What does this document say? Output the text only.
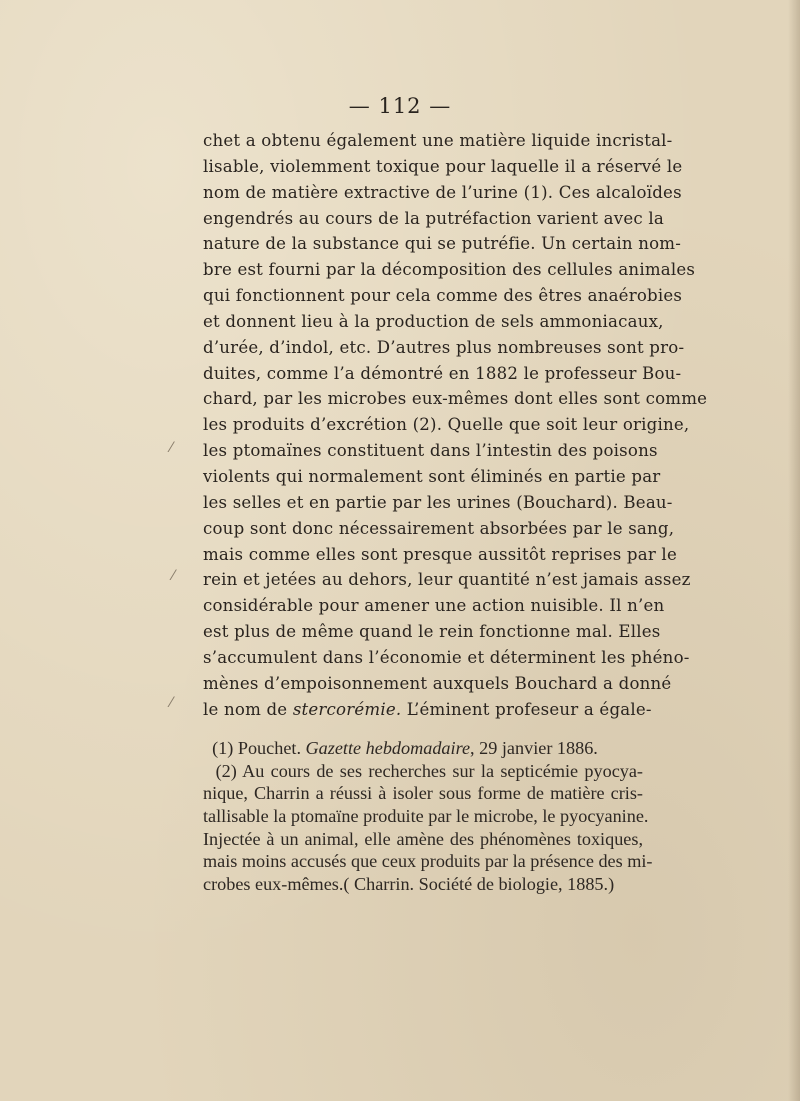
— 112 —
chet a obtenu également une matière liquide incristal-
lisable, violemment toxique pour laquelle il a réservé le
nom de matière extractive de l’urine (1). Ces alcaloïdes
engendrés au cours de la putréfaction varient avec la
nature de la substance qui se putréfie. Un certain nom-
bre est fourni par la décomposition des cellules animales
qui fonctionnent pour cela comme des êtres anaérobies
et donnent lieu à la production de sels ammoniacaux,
d’urée, d’indol, etc. D’autres plus nombreuses sont pro-
duites, comme l’a démontré en 1882 le professeur Bou-
chard, par les microbes eux-mêmes dont elles sont comme
les produits d’excrétion (2). Quelle que soit leur origine,
les ptomaïnes constituent dans l’intestin des poisons
violents qui normalement sont éliminés en partie par
les selles et en partie par les urines (Bouchard). Beau-
coup sont donc nécessairement absorbées par le sang,
mais comme elles sont presque aussitôt reprises par le
rein et jetées au dehors, leur quantité n’est jamais assez
considérable pour amener une action nuisible. Il n’en
est plus de même quand le rein fonctionne mal. Elles
s’accumulent dans l’économie et déterminent les phéno-
mènes d’empoisonnement auxquels Bouchard a donné
le nom de stercorémie. L’éminent profeseur a égale-
(1) Pouchet. Gazette hebdomadaire, 29 janvier 1886.
(2) Au cours de ses recherches sur la septicémie pyocya-
nique, Charrin a réussi à isoler sous forme de matière cris-
tallisable la ptomaïne produite par le microbe, le pyocyanine.
Injectée à un animal, elle amène des phénomènes toxiques,
mais moins accusés que ceux produits par la présence des mi-
crobes eux-mêmes.( Charrin. Société de biologie, 1885.)
⁄
⁄
⁄
